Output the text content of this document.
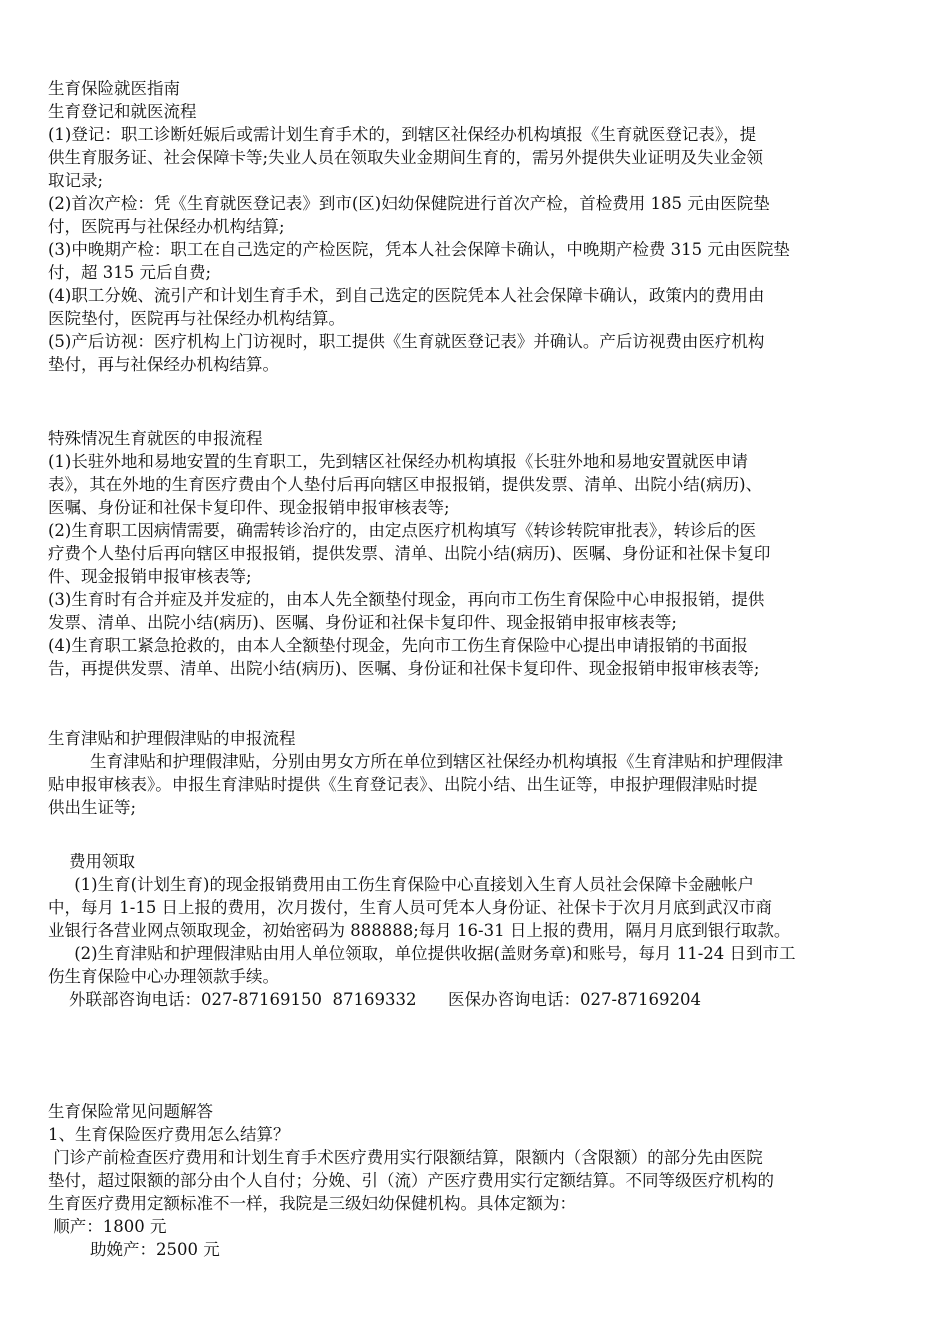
生育保险就医指南
生育登记和就医流程
(1)登记：职工诊断妊娠后或需计划生育手术的，到辖区社保经办机构填报《生育就医登记表》，提
供生育服务证、社会保障卡等;失业人员在领取失业金期间生育的，需另外提供失业证明及失业金领
取记录;
(2)首次产检：凭《生育就医登记表》到市(区)妇幼保健院进行首次产检，首检费用 185 元由医院垫
付，医院再与社保经办机构结算;
(3)中晚期产检：职工在自己选定的产检医院，凭本人社会保障卡确认，中晚期产检费 315 元由医院垫
付，超 315 元后自费;
(4)职工分娩、流引产和计划生育手术，到自己选定的医院凭本人社会保障卡确认，政策内的费用由
医院垫付，医院再与社保经办机构结算。
(5)产后访视：医疗机构上门访视时，职工提供《生育就医登记表》并确认。产后访视费由医疗机构
垫付，再与社保经办机构结算。
特殊情况生育就医的申报流程
(1)长驻外地和易地安置的生育职工，先到辖区社保经办机构填报《长驻外地和易地安置就医申请
表》，其在外地的生育医疗费由个人垫付后再向辖区申报报销，提供发票、清单、出院小结(病历)、
医嘱、身份证和社保卡复印件、现金报销申报审核表等;
(2)生育职工因病情需要，确需转诊治疗的，由定点医疗机构填写《转诊转院审批表》，转诊后的医
疗费个人垫付后再向辖区申报报销，提供发票、清单、出院小结(病历)、医嘱、身份证和社保卡复印
件、现金报销申报审核表等;
(3)生育时有合并症及并发症的，由本人先全额垫付现金，再向市工伤生育保险中心申报报销，提供
发票、清单、出院小结(病历)、医嘱、身份证和社保卡复印件、现金报销申报审核表等;
(4)生育职工紧急抢救的，由本人全额垫付现金，先向市工伤生育保险中心提出申请报销的书面报
告，再提供发票、清单、出院小结(病历)、医嘱、身份证和社保卡复印件、现金报销申报审核表等;
生育津贴和护理假津贴的申报流程
生育津贴和护理假津贴，分别由男女方所在单位到辖区社保经办机构填报《生育津贴和护理假津
贴申报审核表》。申报生育津贴时提供《生育登记表》、出院小结、出生证等，申报护理假津贴时提
供出生证等;
费用领取
(1)生育(计划生育)的现金报销费用由工伤生育保险中心直接划入生育人员社会保障卡金融帐户
中，每月 1-15 日上报的费用，次月拨付，生育人员可凭本人身份证、社保卡于次月月底到武汉市商
业银行各营业网点领取现金，初始密码为 888888;每月 16-31 日上报的费用，隔月月底到银行取款。
(2)生育津贴和护理假津贴由用人单位领取，单位提供收据(盖财务章)和账号，每月 11-24 日到市工
伤生育保险中心办理领款手续。
外联部咨询电话：027-87169150  87169332      医保办咨询电话：027-87169204
生育保险常见问题解答
1、生育保险医疗费用怎么结算？
门诊产前检查医疗费用和计划生育手术医疗费用实行限额结算，限额内（含限额）的部分先由医院
垫付，超过限额的部分由个人自付；分娩、引（流）产医疗费用实行定额结算。不同等级医疗机构的
生育医疗费用定额标准不一样，我院是三级妇幼保健机构。具体定额为：
顺产：1800 元
助娩产：2500 元
